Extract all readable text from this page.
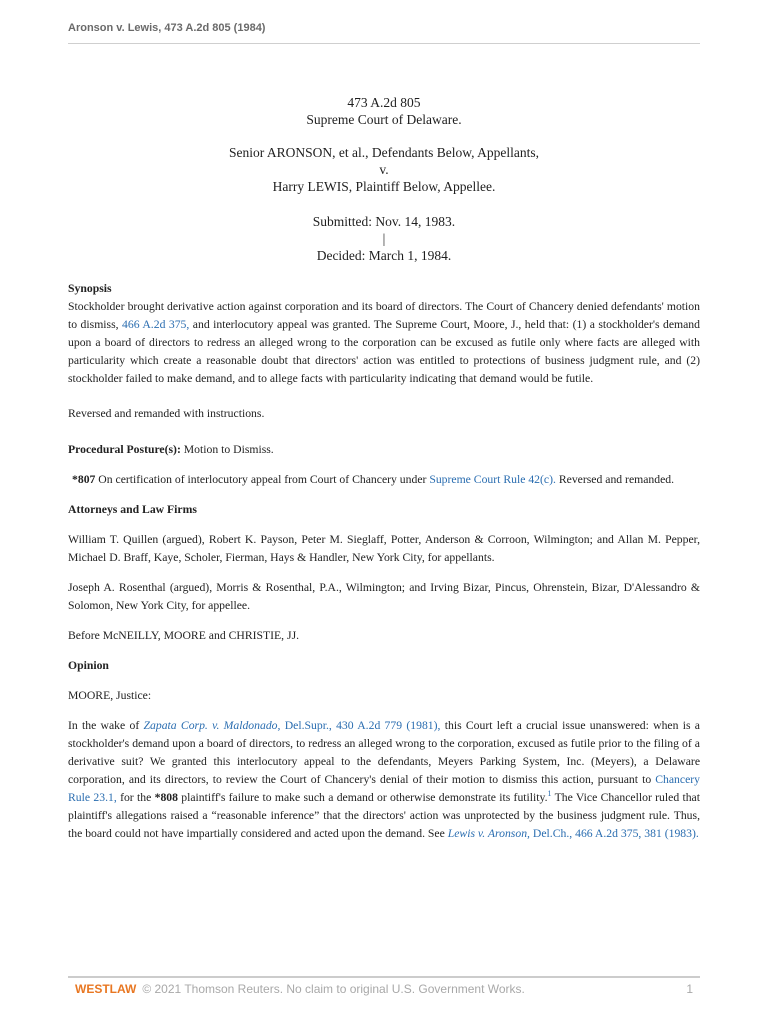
Aronson v. Lewis, 473 A.2d 805 (1984)
473 A.2d 805
Supreme Court of Delaware.
Senior ARONSON, et al., Defendants Below, Appellants,
v.
Harry LEWIS, Plaintiff Below, Appellee.
Submitted: Nov. 14, 1983.
|
Decided: March 1, 1984.

Synopsis

Stockholder brought derivative action against corporation and its board of directors. The Court of Chancery denied defendants' motion to dismiss, 466 A.2d 375, and interlocutory appeal was granted. The Supreme Court, Moore, J., held that: (1) a stockholder's demand upon a board of directors to redress an alleged wrong to the corporation can be excused as futile only where facts are alleged with particularity which create a reasonable doubt that directors' action was entitled to protections of business judgment rule, and (2) stockholder failed to make demand, and to allege facts with particularity indicating that demand would be futile.

Reversed and remanded with instructions.

Procedural Posture(s): Motion to Dismiss.

*807 On certification of interlocutory appeal from Court of Chancery under Supreme Court Rule 42(c). Reversed and remanded.

Attorneys and Law Firms

William T. Quillen (argued), Robert K. Payson, Peter M. Sieglaff, Potter, Anderson & Corroon, Wilmington; and Allan M. Pepper, Michael D. Braff, Kaye, Scholer, Fierman, Hays & Handler, New York City, for appellants.

Joseph A. Rosenthal (argued), Morris & Rosenthal, P.A., Wilmington; and Irving Bizar, Pincus, Ohrenstein, Bizar, D'Alessandro & Solomon, New York City, for appellee.

Before McNEILLY, MOORE and CHRISTIE, JJ.

Opinion

MOORE, Justice:

In the wake of Zapata Corp. v. Maldonado, Del.Supr., 430 A.2d 779 (1981), this Court left a crucial issue unanswered: when is a stockholder's demand upon a board of directors, to redress an alleged wrong to the corporation, excused as futile prior to the filing of a derivative suit? We granted this interlocutory appeal to the defendants, Meyers Parking System, Inc. (Meyers), a Delaware corporation, and its directors, to review the Court of Chancery's denial of their motion to dismiss this action, pursuant to Chancery Rule 23.1, for the *808 plaintiff's failure to make such a demand or otherwise demonstrate its futility.$^1$ The Vice Chancellor ruled that plaintiff's allegations raised a “reasonable inference” that the directors' action was unprotected by the business judgment rule. Thus, the board could not have impartially considered and acted upon the demand. See Lewis v. Aronson, Del.Ch., 466 A.2d 375, 381 (1983).

WESTLAW © 2021 Thomson Reuters. No claim to original U.S. Government Works.	1
